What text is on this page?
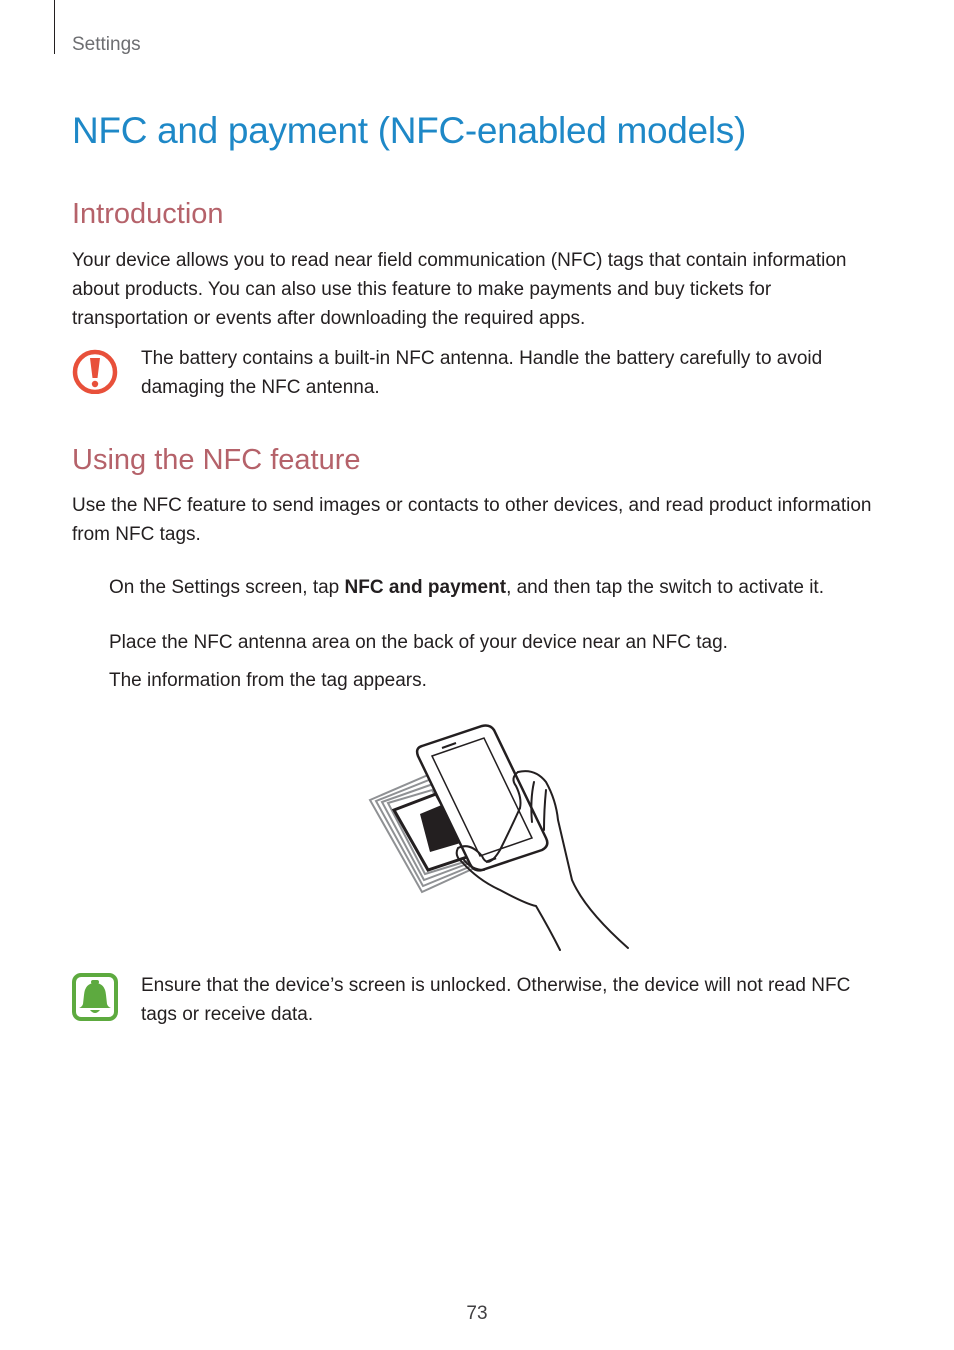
Settings
NFC and payment (NFC-enabled models)
Introduction

Your device allows you to read near field communication (NFC) tags that contain information about products. You can also use this feature to make payments and buy tickets for transportation or events after downloading the required apps.

The battery contains a built-in NFC antenna. Handle the battery carefully to avoid damaging the NFC antenna.

Using the NFC feature

Use the NFC feature to send images or contacts to other devices, and read product information from NFC tags.

On the Settings screen, tap NFC and payment, and then tap the switch to activate it.

Place the NFC antenna area on the back of your device near an NFC tag.

The information from the tag appears.

Ensure that the device’s screen is unlocked. Otherwise, the device will not read NFC tags or receive data.

73
